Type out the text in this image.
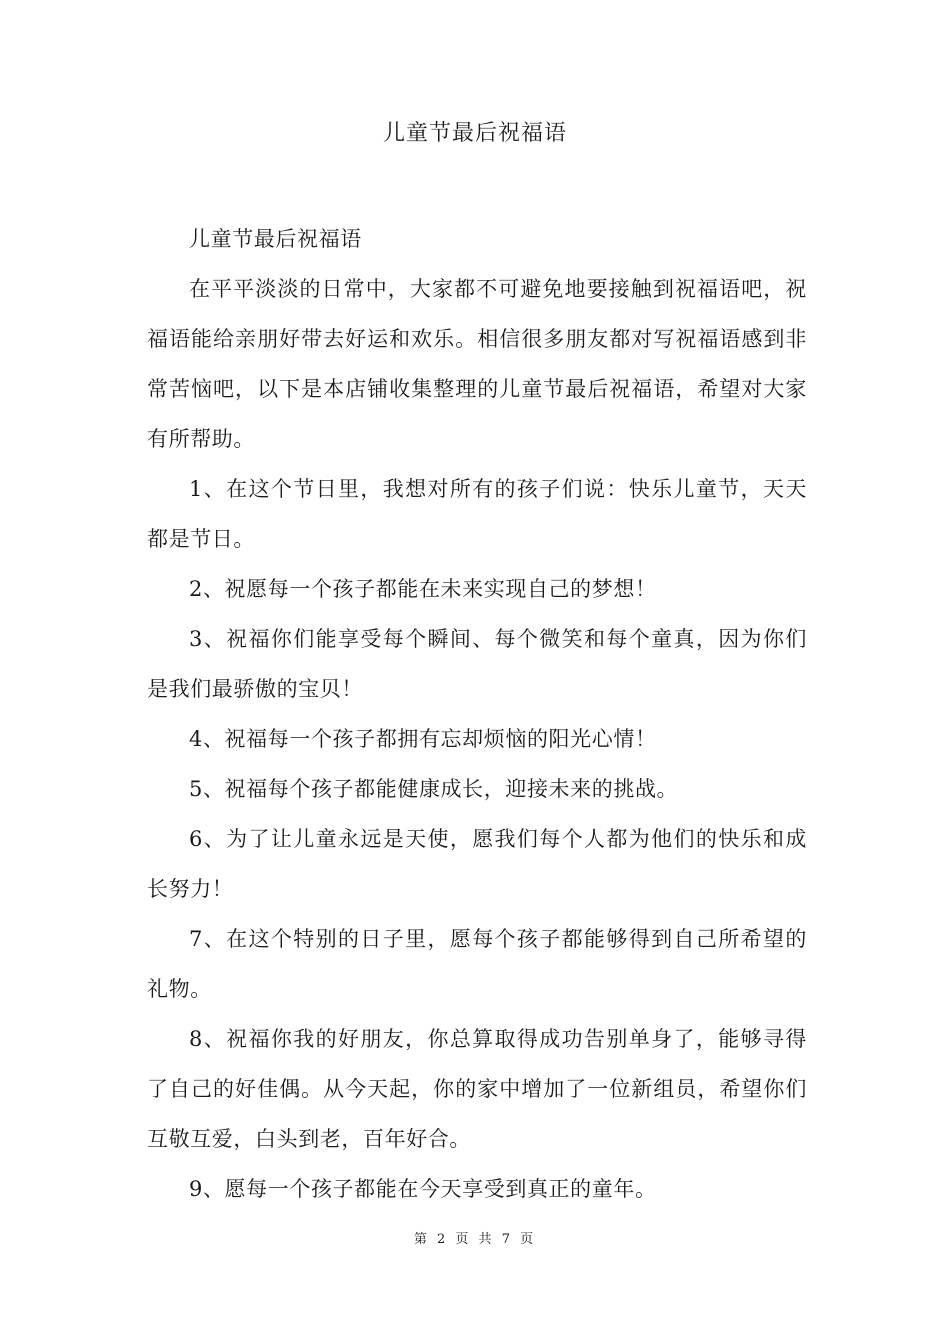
儿童节最后祝福语

儿童节最后祝福语

在平平淡淡的日常中，大家都不可避免地要接触到祝福语吧，祝福语能给亲朋好带去好运和欢乐。相信很多朋友都对写祝福语感到非常苦恼吧，以下是本店铺收集整理的儿童节最后祝福语，希望对大家有所帮助。

1、在这个节日里，我想对所有的孩子们说：快乐儿童节，天天都是节日。

2、祝愿每一个孩子都能在未来实现自己的梦想！

3、祝福你们能享受每个瞬间、每个微笑和每个童真，因为你们是我们最骄傲的宝贝！

4、祝福每一个孩子都拥有忘却烦恼的阳光心情！

5、祝福每个孩子都能健康成长，迎接未来的挑战。

6、为了让儿童永远是天使，愿我们每个人都为他们的快乐和成长努力！

7、在这个特别的日子里，愿每个孩子都能够得到自己所希望的礼物。

8、祝福你我的好朋友，你总算取得成功告别单身了，能够寻得了自己的好佳偶。从今天起，你的家中增加了一位新组员，希望你们互敬互爱，白头到老，百年好合。

9、愿每一个孩子都能在今天享受到真正的童年。

第 2 页 共 7 页
